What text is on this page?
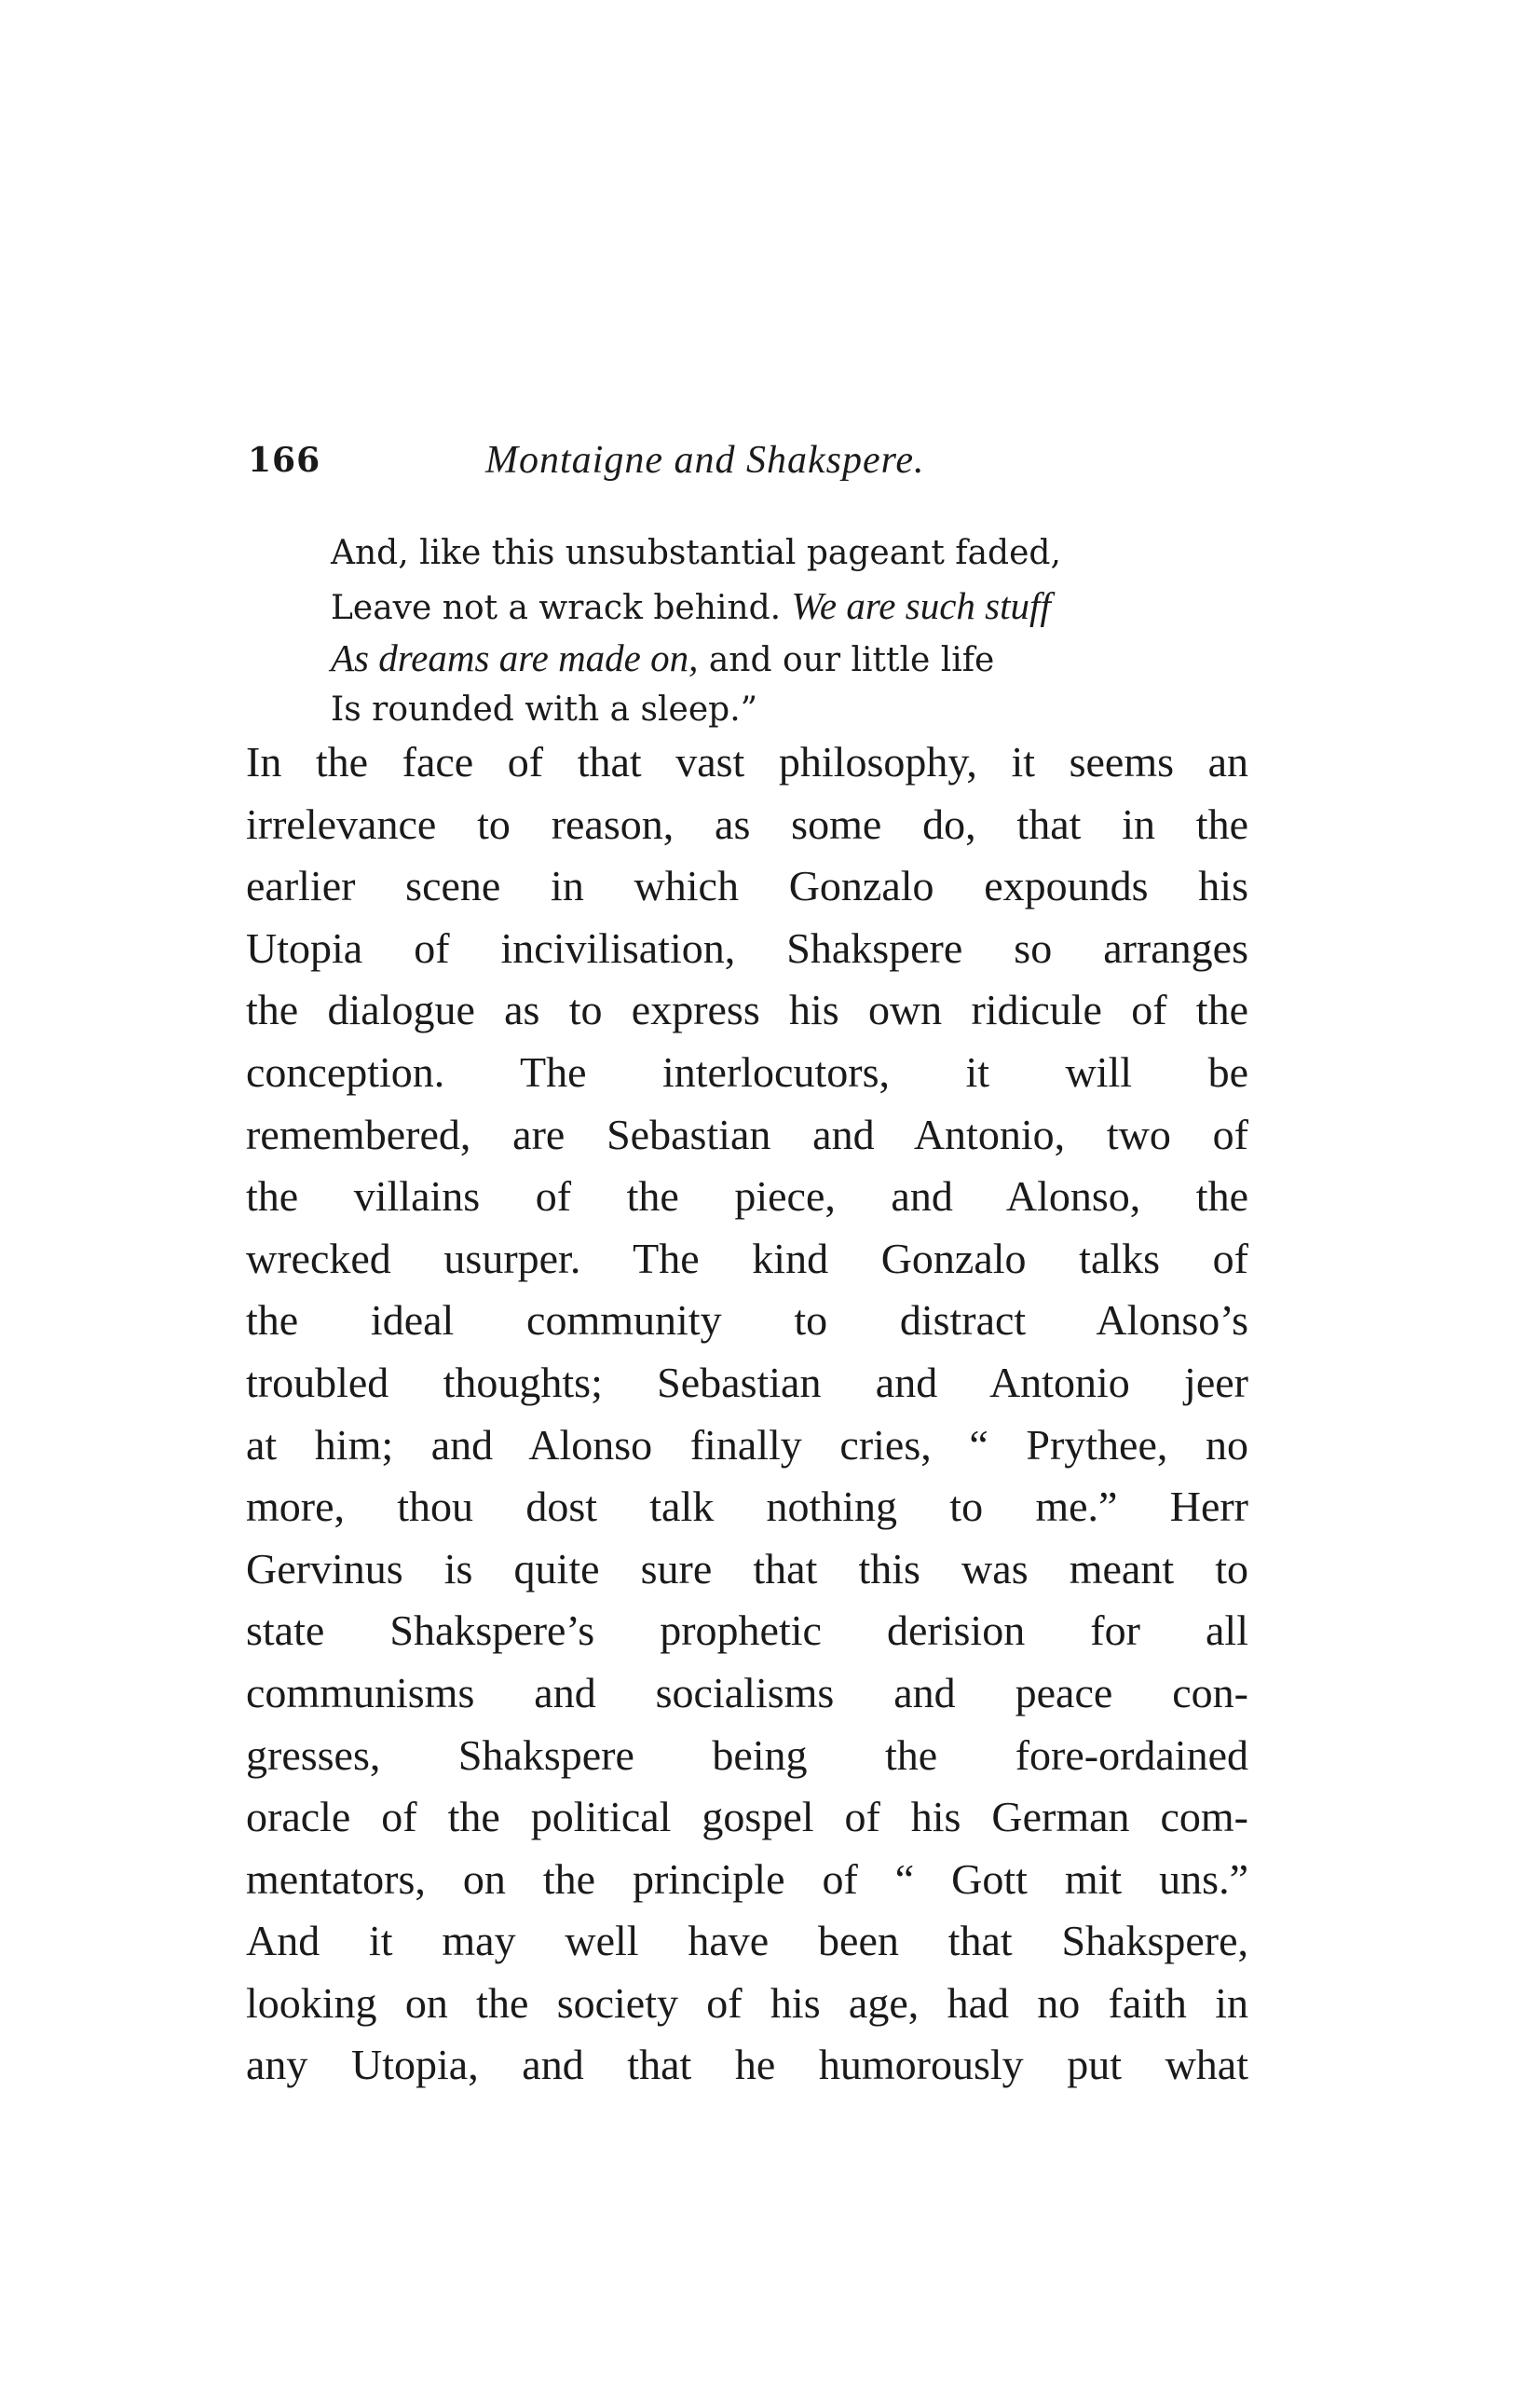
166	Montaigne and Shakspere.
And, like this unsubstantial pageant faded,
Leave not a wrack behind. We are such stuff
As dreams are made on, and our little life
Is rounded with a sleep.”
In the face of that vast philosophy, it seems an
irrelevance to reason, as some do, that in the
earlier scene in which Gonzalo expounds his
Utopia of incivilisation, Shakspere so arranges
the dialogue as to express his own ridicule of the
conception. The interlocutors, it will be
remembered, are Sebastian and Antonio, two of
the villains of the piece, and Alonso, the
wrecked usurper. The kind Gonzalo talks of
the ideal community to distract Alonso’s
troubled thoughts; Sebastian and Antonio jeer
at him; and Alonso finally cries, “ Prythee, no
more, thou dost talk nothing to me.” Herr
Gervinus is quite sure that this was meant to
state Shakspere’s prophetic derision for all
communisms and socialisms and peace con-
gresses, Shakspere being the fore-ordained
oracle of the political gospel of his German com-
mentators, on the principle of “ Gott mit uns.”
And it may well have been that Shakspere,
looking on the society of his age, had no faith in
any Utopia, and that he humorously put what
